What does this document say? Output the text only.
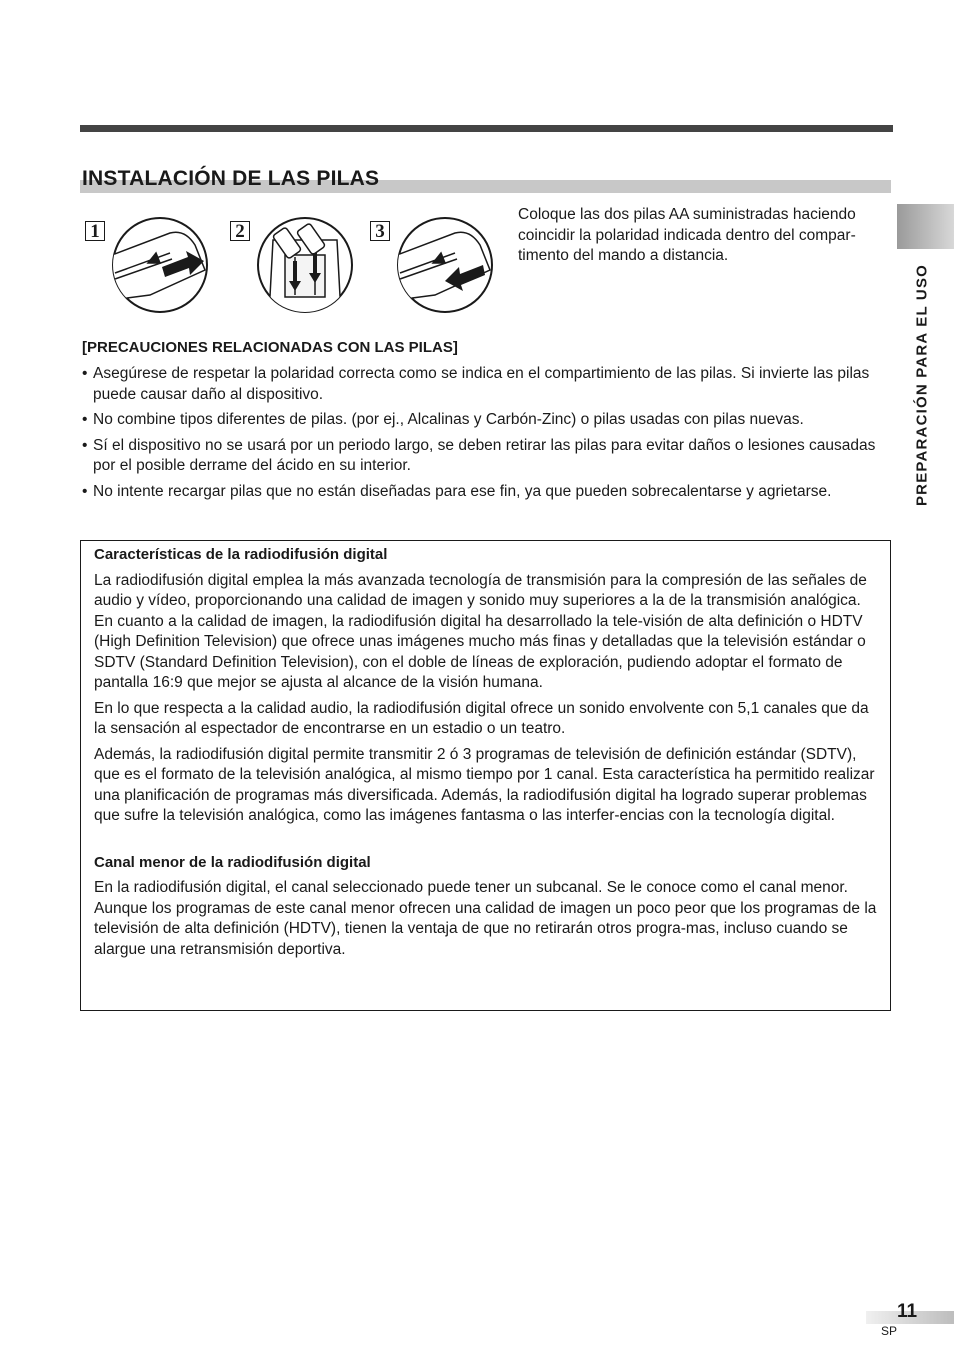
INSTALACIÓN DE LAS PILAS
1	2	3

Coloque las dos pilas AA suministradas haciendo coincidir la polaridad indicada dentro del compar-timento del mando a distancia.

PREPARACIÓN PARA EL USO
[PRECAUCIONES RELACIONADAS CON LAS PILAS]
• Asegúrese de respetar la polaridad correcta como se indica en el compartimiento de las pilas. Si invierte las pilas puede causar daño al dispositivo.
• No combine tipos diferentes de pilas. (por ej., Alcalinas y Carbón-Zinc) o pilas usadas con pilas nuevas.
• Sí el dispositivo no se usará por un periodo largo, se deben retirar las pilas para evitar daños o lesiones causadas por el posible derrame del ácido en su interior.
• No intente recargar pilas que no están diseñadas para ese fin, ya que pueden sobrecalentarse y agrietarse.
Características de la radiodifusión digital

La radiodifusión digital emplea la más avanzada tecnología de transmisión para la compresión de las señales de audio y vídeo, proporcionando una calidad de imagen y sonido muy superiores a la de la transmisión analógica. En cuanto a la calidad de imagen, la radiodifusión digital ha desarrollado la tele-visión de alta definición o HDTV (High Definition Television) que ofrece unas imágenes mucho más finas y detalladas que la televisión estándar o SDTV (Standard Definition Television), con el doble de líneas de exploración, pudiendo adoptar el formato de pantalla 16:9 que mejor se ajusta al alcance de la visión humana.

En lo que respecta a la calidad audio, la radiodifusión digital ofrece un sonido envolvente con 5,1 canales que da la sensación al espectador de encontrarse en un estadio o un teatro.

Además, la radiodifusión digital permite transmitir 2 ó 3 programas de televisión de definición estándar (SDTV), que es el formato de la televisión analógica, al mismo tiempo por 1 canal. Esta característica ha permitido realizar una planificación de programas más diversificada. Además, la radiodifusión digital ha logrado superar problemas que sufre la televisión analógica, como las imágenes fantasma o las interfer-encias con la tecnología digital.

Canal menor de la radiodifusión digital

En la radiodifusión digital, el canal seleccionado puede tener un subcanal. Se le conoce como el canal menor. Aunque los programas de este canal menor ofrecen una calidad de imagen un poco peor que los programas de la televisión de alta definición (HDTV), tienen la ventaja de que no retirarán otros progra-mas, incluso cuando se alargue una retransmisión deportiva.

11
SP
